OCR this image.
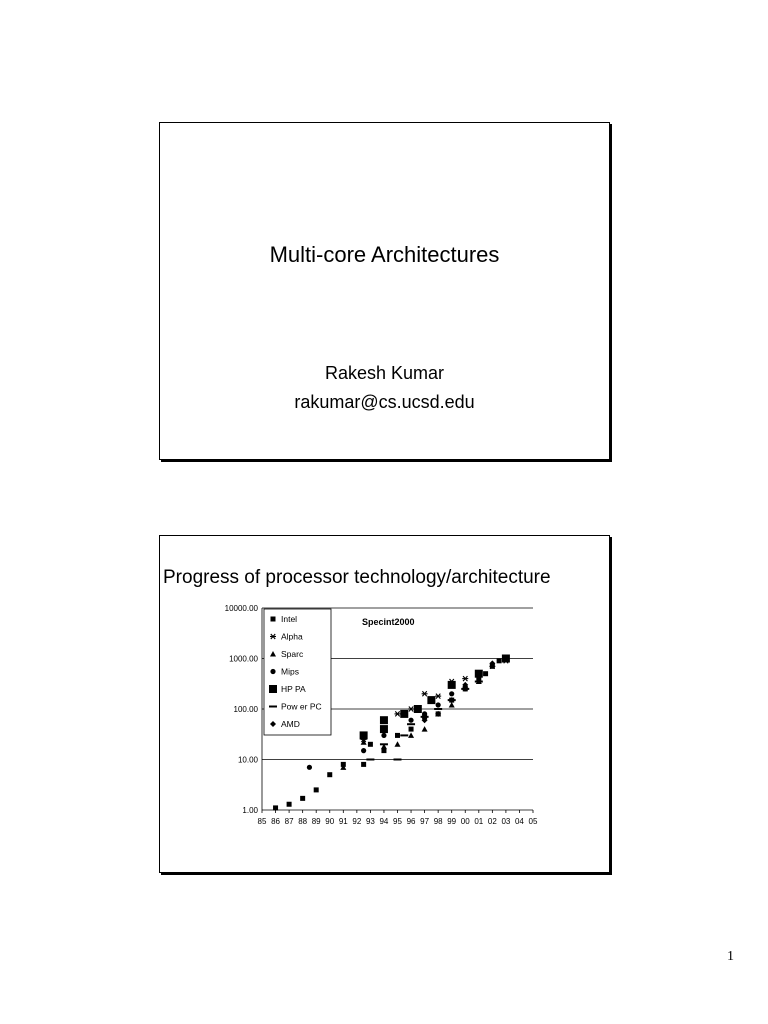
Multi-core Architectures
Rakesh Kumar
rakumar@cs.ucsd.edu
Progress of processor technology/architecture
10000.00
1000.00
100.00
10.00
1.00
85 86 87 88 89 90 91 92 93 94 95 96 97 98 99 00 01 02 03 04 05
Specint2000
Intel
Alpha
Sparc
Mips
HP PA
Pow er PC
AMD
1
